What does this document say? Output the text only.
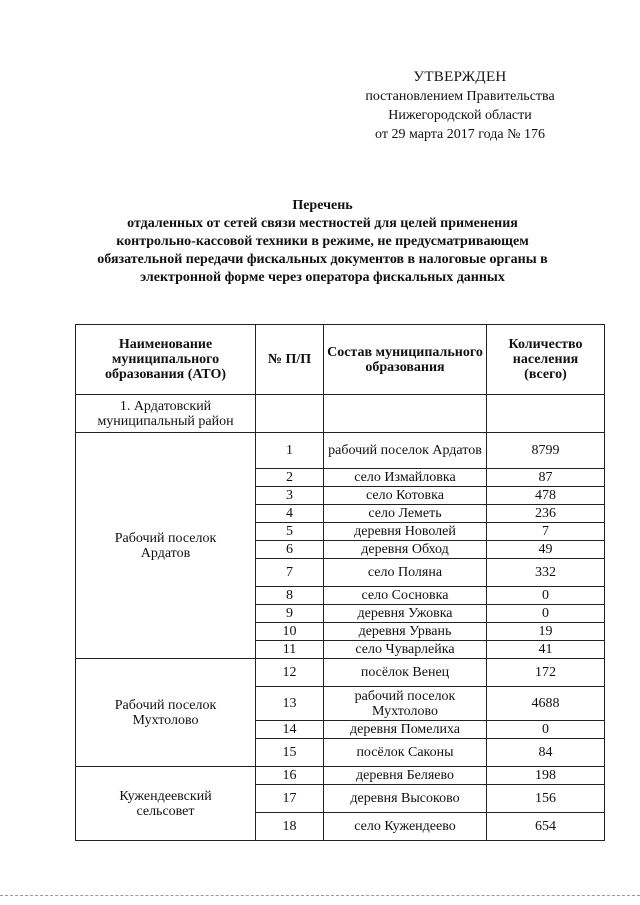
УТВЕРЖДЕН
постановлением Правительства
Нижегородской области
от 29 марта 2017 года № 176
Перечень
отдаленных от сетей связи местностей для целей применения
контрольно-кассовой техники в режиме, не предусматривающем
обязательной передачи фискальных документов в налоговые органы в
электронной форме через оператора фискальных данных
Наименование муниципального образования (АТО)	№ П/П	Состав муниципального образования	Количество населения (всего)
1. Ардатовский муниципальный район			
Рабочий поселок Ардатов	1	рабочий поселок Ардатов	8799
	2	село Измайловка	87
	3	село Котовка	478
	4	село Леметь	236
	5	деревня Новолей	7
	6	деревня Обход	49
	7	село Поляна	332
	8	село Сосновка	0
	9	деревня Ужовка	0
	10	деревня Урвань	19
	11	село Чуварлейка	41
Рабочий поселок Мухтолово	12	посёлок Венец	172
	13	рабочий поселок Мухтолово	4688
	14	деревня Помелиха	0
	15	посёлок Саконы	84
Кужендеевский сельсовет	16	деревня Беляево	198
	17	деревня Высоково	156
	18	село Кужендеево	654
